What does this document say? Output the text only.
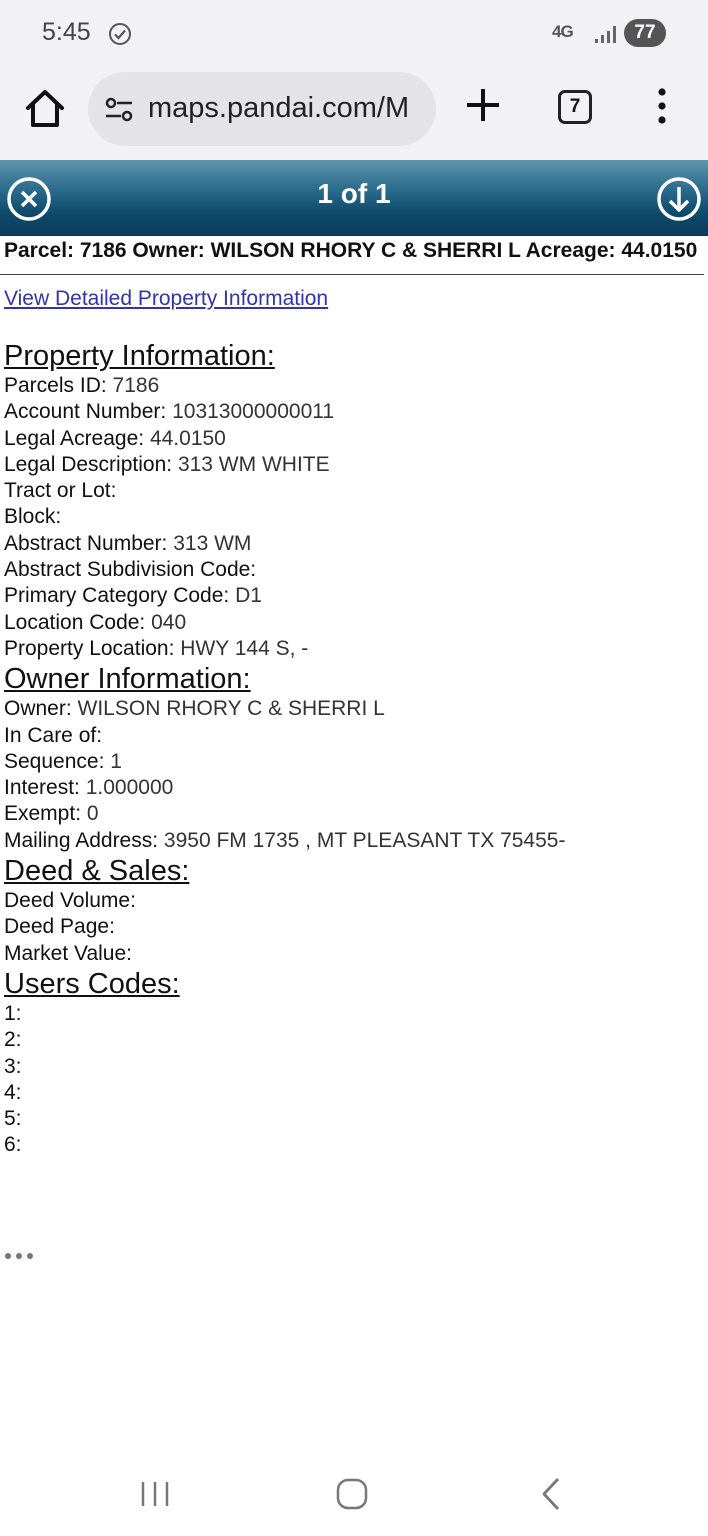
5:45	4G	77
maps.pandai.com/M	7
1 of 1
Parcel: 7186 Owner: WILSON RHORY C & SHERRI L Acreage: 44.0150
View Detailed Property Information
Property Information:
Parcels ID: 7186
Account Number: 10313000000011
Legal Acreage: 44.0150
Legal Description: 313 WM WHITE
Tract or Lot:
Block:
Abstract Number: 313 WM
Abstract Subdivision Code:
Primary Category Code: D1
Location Code: 040
Property Location: HWY 144 S, -
Owner Information:
Owner: WILSON RHORY C & SHERRI L
In Care of:
Sequence: 1
Interest: 1.000000
Exempt: 0
Mailing Address: 3950 FM 1735 , MT PLEASANT TX 75455-
Deed & Sales:
Deed Volume:
Deed Page:
Market Value:
Users Codes:
1:
2:
3:
4:
5:
6:
